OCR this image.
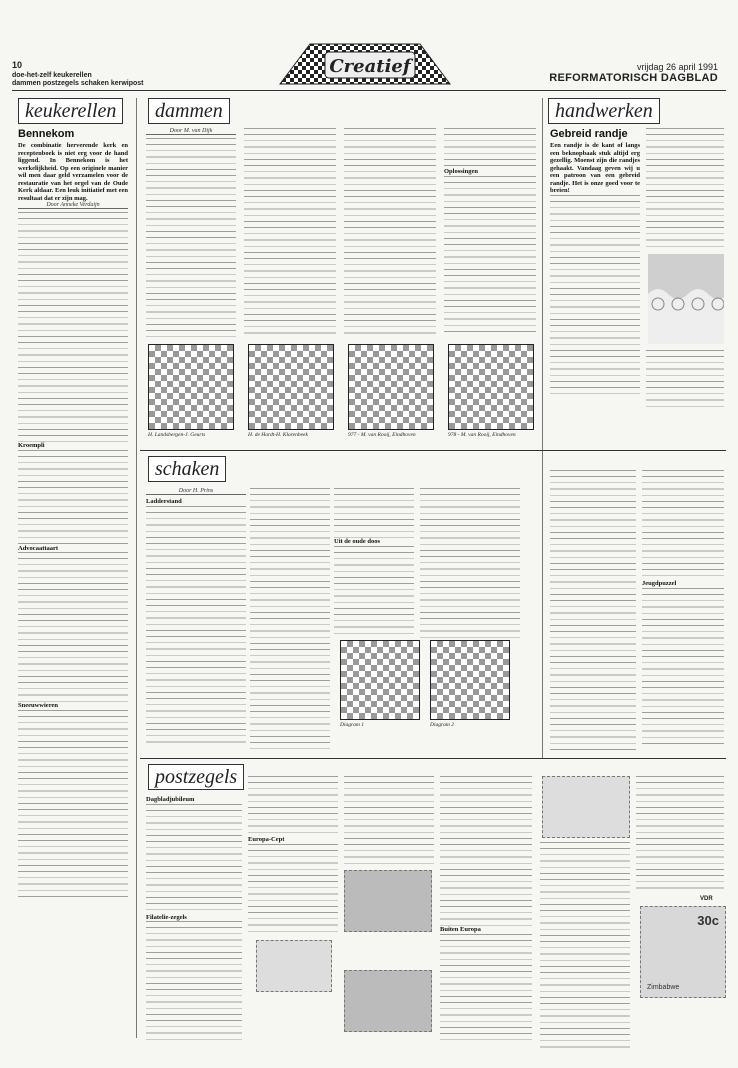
10
doe-het-zelf keukerellen
dammen postzegels schaken kerwipost
Creatief	vrijdag 26 april 1991
REFORMATORISCH DAGBLAD
keukerellen	dammen	handwerken
Bennekom
De combinatie herverende kerk en receptenboek is niet erg voor de hand liggend. In Bennekom is het werkelijkheid. Op een originele manier wil men daar geld verzamelen voor de restauratie van het orgel van de Oude Kerk aldaar. Een leuk initiatief met een resultaat dat er zijn mag.
Door Anneke Verduijn
Kroempli
Advocaattaart
Sneeuwwieren
Door M. van Dijk
Oplossingen
H. Landsbergen-J. Geurts	H. de Hardt-H. Klarenbeek	977 - M. van Rooij, Eindhoven	978 - M. van Rooij, Eindhoven
Gebreid randje
Een randje is de kant of langs een beknopbaak stuk altijd erg gezellig. Moenst zijn die randjes gehaakt. Vandaag geven wij u een patroon van een gebreid randje. Het is onze goed voor te breien!
schaken
Door H. Prins
Ladderstand
Uit de oude doos
Diagram 1	Diagram 2
Jeugdpuzzel
postzegels
Dagbladjubileum
Filatelie-zegels
Europa-Cept
Buiten Europa
VDR
30c
Zimbabwe
